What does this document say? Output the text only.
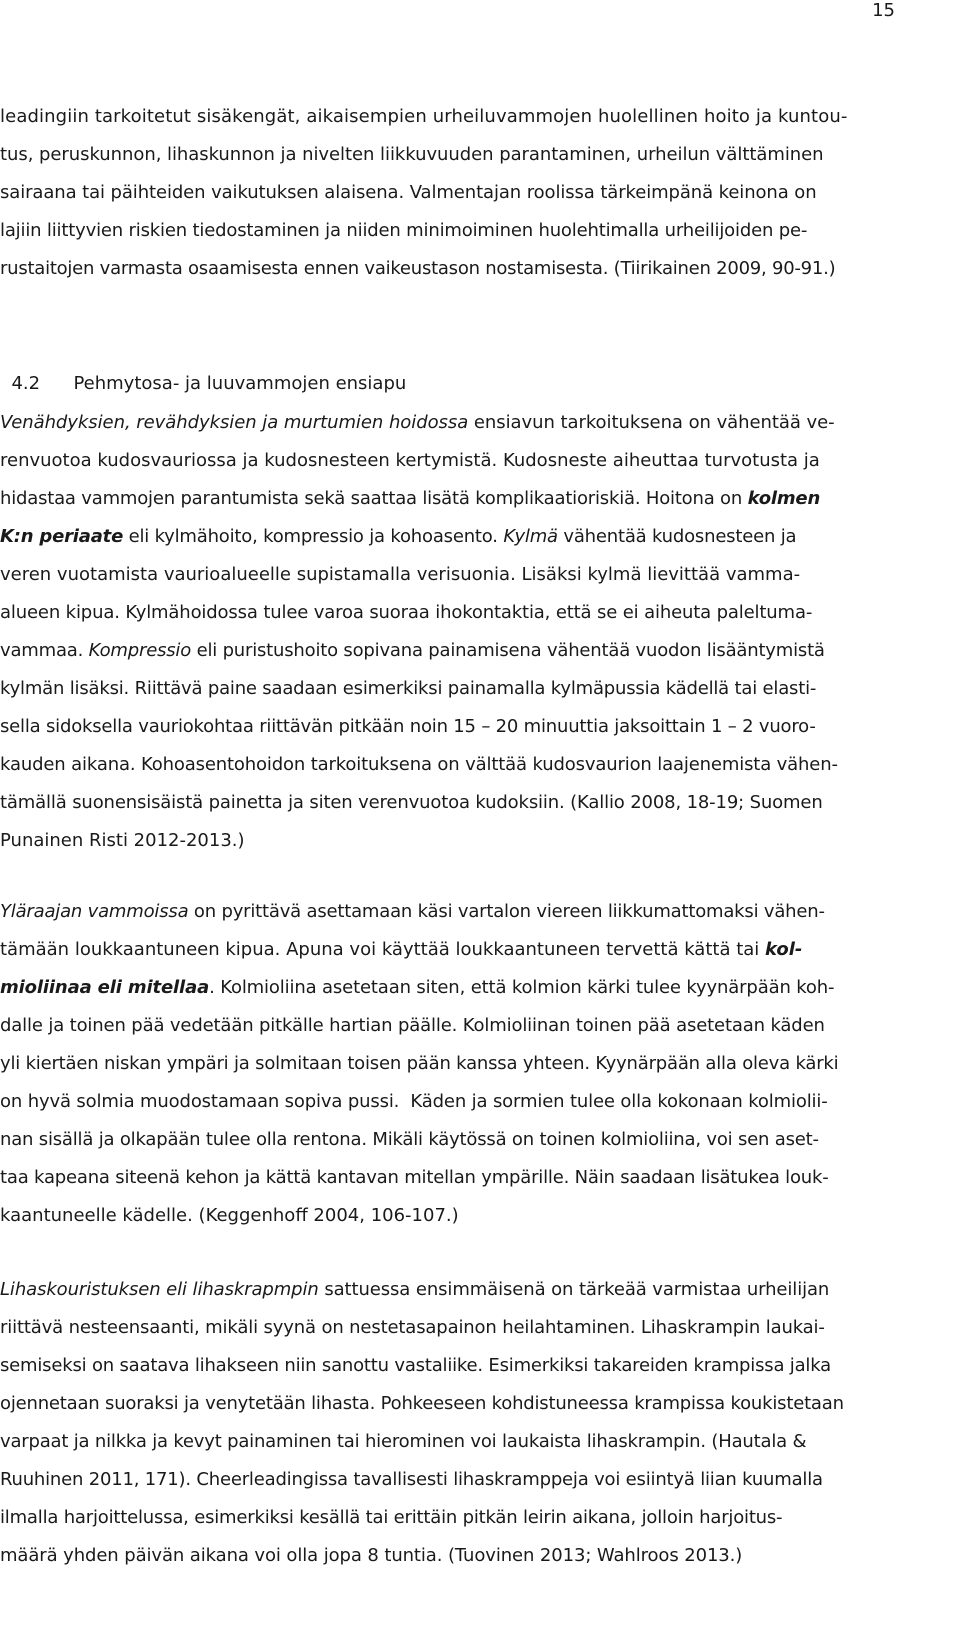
15
leadingiin tarkoitetut sisäkengät, aikaisempien urheiluvammojen huolellinen hoito ja kuntou-
tus, peruskunnon, lihaskunnon ja nivelten liikkuvuuden parantaminen, urheilun välttäminen
sairaana tai päihteiden vaikutuksen alaisena. Valmentajan roolissa tärkeimpänä keinona on
lajiin liittyvien riskien tiedostaminen ja niiden minimoiminen huolehtimalla urheilijoiden pe-
rustaitojen varmasta osaamisesta ennen vaikeustason nostamisesta. (Tiirikainen 2009, 90-91.)

4.2 Pehmytosa- ja luuvammojen ensiapu

Venähdyksien, revähdyksien ja murtumien hoidossa ensiavun tarkoituksena on vähentää ve-
renvuotoa kudosvauriossa ja kudosnesteen kertymistä. Kudosneste aiheuttaa turvotusta ja
hidastaa vammojen parantumista sekä saattaa lisätä komplikaatioriskiä. Hoitona on kolmen
K:n periaate eli kylmähoito, kompressio ja kohoasento. Kylmä vähentää kudosnesteen ja
veren vuotamista vaurioalueelle supistamalla verisuonia. Lisäksi kylmä lievittää vamma-
alueen kipua. Kylmähoidossa tulee varoa suoraa ihokontaktia, että se ei aiheuta paleltuma-
vammaa. Kompressio eli puristushoito sopivana painamisena vähentää vuodon lisääntymistä
kylmän lisäksi. Riittävä paine saadaan esimerkiksi painamalla kylmäpussia kädellä tai elasti-
sella sidoksella vauriokohtaa riittävän pitkään noin 15 – 20 minuuttia jaksoittain 1 – 2 vuoro-
kauden aikana. Kohoasentohoidon tarkoituksena on välttää kudosvaurion laajenemista vähen-
tämällä suonensisäistä painetta ja siten verenvuotoa kudoksiin. (Kallio 2008, 18-19; Suomen
Punainen Risti 2012-2013.)
Yläraajan vammoissa on pyrittävä asettamaan käsi vartalon viereen liikkumattomaksi vähen-
tämään loukkaantuneen kipua. Apuna voi käyttää loukkaantuneen tervettä kättä tai kol-
mioliinaa eli mitellaa. Kolmioliina asetetaan siten, että kolmion kärki tulee kyynärpään koh-
dalle ja toinen pää vedetään pitkälle hartian päälle. Kolmioliinan toinen pää asetetaan käden
yli kiertäen niskan ympäri ja solmitaan toisen pään kanssa yhteen. Kyynärpään alla oleva kärki
on hyvä solmia muodostamaan sopiva pussi.  Käden ja sormien tulee olla kokonaan kolmiolii-
nan sisällä ja olkapään tulee olla rentona. Mikäli käytössä on toinen kolmioliina, voi sen aset-
taa kapeana siteenä kehon ja kättä kantavan mitellan ympärille. Näin saadaan lisätukea louk-
kaantuneelle kädelle. (Keggenhoff 2004, 106-107.)
Lihaskouristuksen eli lihaskrapmpin sattuessa ensimmäisenä on tärkeää varmistaa urheilijan
riittävä nesteensaanti, mikäli syynä on nestetasapainon heilahtaminen. Lihaskrampin laukai-
semiseksi on saatava lihakseen niin sanottu vastaliike. Esimerkiksi takareiden krampissa jalka
ojennetaan suoraksi ja venytetään lihasta. Pohkeeseen kohdistuneessa krampissa koukistetaan
varpaat ja nilkka ja kevyt painaminen tai hierominen voi laukaista lihaskrampin. (Hautala &
Ruuhinen 2011, 171). Cheerleadingissa tavallisesti lihaskramppeja voi esiintyä liian kuumalla
ilmalla harjoittelussa, esimerkiksi kesällä tai erittäin pitkän leirin aikana, jolloin harjoitus-
määrä yhden päivän aikana voi olla jopa 8 tuntia. (Tuovinen 2013; Wahlroos 2013.)
